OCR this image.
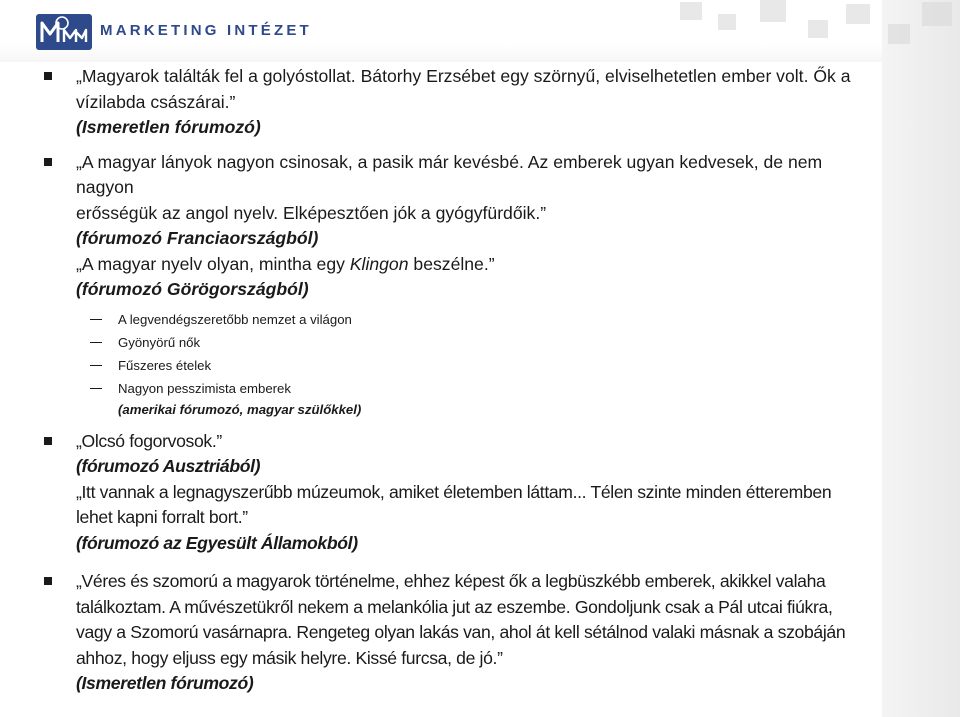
MARKETING INTÉZET
„Magyarok találták fel a golyóstollat. Bátorhy Erzsébet egy szörnyű, elviselhetetlen ember volt. Ők a
vízilabda császárai.”
(Ismeretlen fórumozó)
„A magyar lányok nagyon csinosak, a pasik már kevésbé. Az emberek ugyan kedvesek, de nem nagyon
erősségük az angol nyelv. Elképesztően jók a gyógyfürdőik.”
(fórumozó Franciaországból)
„A magyar nyelv olyan, mintha egy Klingon beszélne.”
(fórumozó Görögországból)
A legvendégszeretőbb nemzet a világon
Gyönyörű nők
Fűszeres ételek
Nagyon pesszimista emberek
(amerikai fórumozó, magyar szülőkkel)
„Olcsó fogorvosok.”
(fórumozó Ausztriából)
„Itt vannak a legnagyszerűbb múzeumok, amiket életemben láttam... Télen szinte minden étteremben
lehet kapni forralt bort.”
(fórumozó az Egyesült Államokból)
„Véres és szomorú a magyarok történelme, ehhez képest ők a legbüszkébb emberek, akikkel valaha
találkoztam. A művészetükről nekem a melankólia jut az eszembe. Gondoljunk csak a Pál utcai fiúkra,
vagy a Szomorú vasárnapra. Rengeteg olyan lakás van, ahol át kell sétálnod valaki másnak a szobáján
ahhoz, hogy eljuss egy másik helyre. Kissé furcsa, de jó.”
(Ismeretlen fórumozó)
